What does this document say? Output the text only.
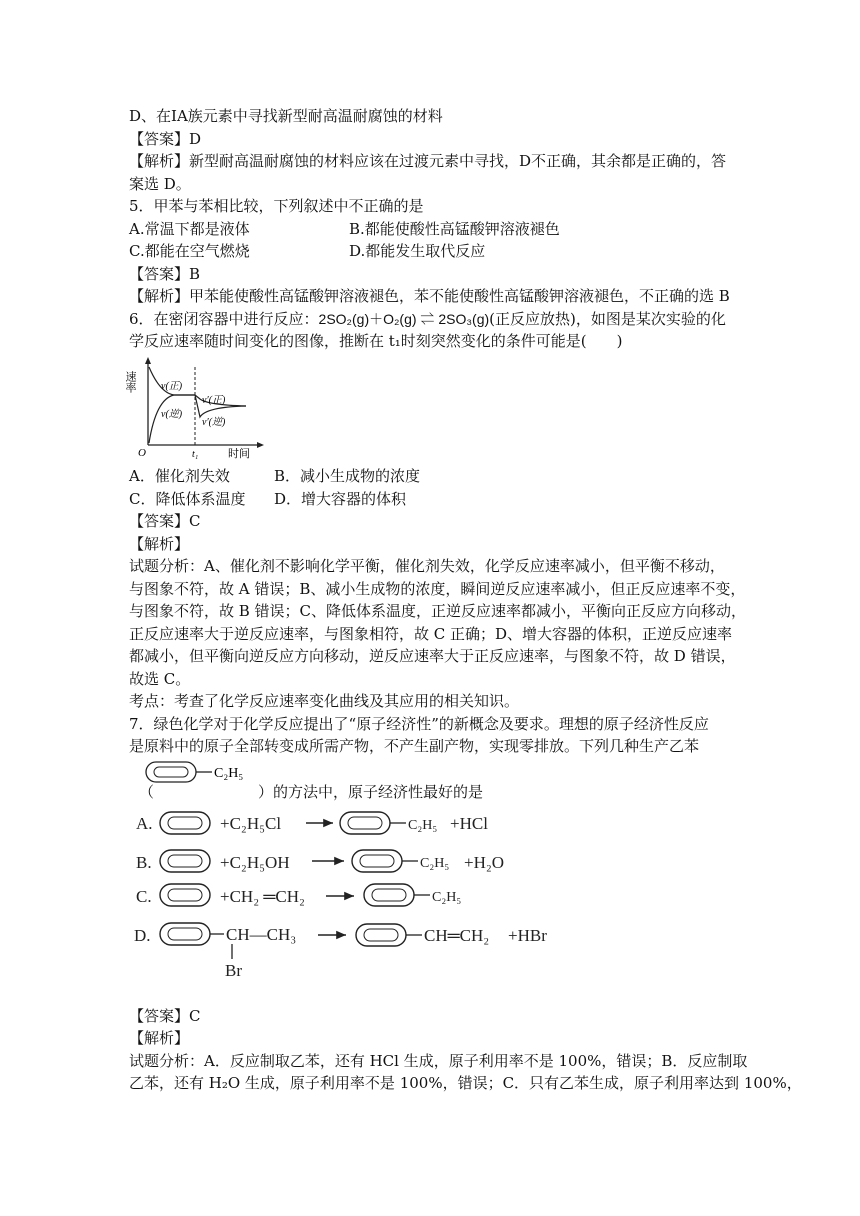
D、在ⅠA族元素中寻找新型耐高温耐腐蚀的材料
【答案】D
【解析】新型耐高温耐腐蚀的材料应该在过渡元素中寻找，D不正确，其余都是正确的，答
案选 D。
5．甲苯与苯相比较，下列叙述中不正确的是
A.常温下都是液体	B.都能使酸性高锰酸钾溶液褪色
C.都能在空气燃烧	D.都能发生取代反应
【答案】B
【解析】甲苯能使酸性高锰酸钾溶液褪色，苯不能使酸性高锰酸钾溶液褪色，不正确的选 B
6．在密闭容器中进行反应：2SO₂(g)＋O₂(g) ⇌ 2SO₃(g)(正反应放热)，如图是某次实验的化
学反应速率随时间变化的图像，推断在 t₁时刻突然变化的条件可能是(　　)
速率
O	时间
t₁
v(正)
v(逆)
v′(正)
v′(逆)
A．催化剂失效	B．减小生成物的浓度
C．降低体系温度 D．增大容器的体积
【答案】C
【解析】
试题分析：A、催化剂不影响化学平衡，催化剂失效，化学反应速率减小，但平衡不移动，
与图象不符，故 A 错误；B、减小生成物的浓度，瞬间逆反应速率减小，但正反应速率不变，
与图象不符，故 B 错误；C、降低体系温度，正逆反应速率都减小，平衡向正反应方向移动，
正反应速率大于逆反应速率，与图象相符，故 C 正确；D、增大容器的体积，正逆反应速率
都减小，但平衡向逆反应方向移动，逆反应速率大于正反应速率，与图象不符，故 D 错误，
故选 C。
考点：考查了化学反应速率变化曲线及其应用的相关知识。
7．绿色化学对于化学反应提出了“原子经济性”的新概念及要求。理想的原子经济性反应
是原料中的原子全部转变成所需产物，不产生副产物，实现零排放。下列几种生产乙苯
C₂H₅
（	）的方法中，原子经济性最好的是
A.	+C₂H₅Cl	C₂H₅ +HCl
B.	+C₂H₅OH	C₂H₅ +H₂O
C.	+CH₂ ═CH₂	C₂H₅
D.	CH—CH₃
Br
CH═CH₂ +HBr
【答案】C
【解析】
试题分析：A．反应制取乙苯，还有 HCl 生成，原子利用率不是 100%，错误；B．反应制取
乙苯，还有 H₂O 生成，原子利用率不是 100%，错误；C．只有乙苯生成，原子利用率达到 100%，
